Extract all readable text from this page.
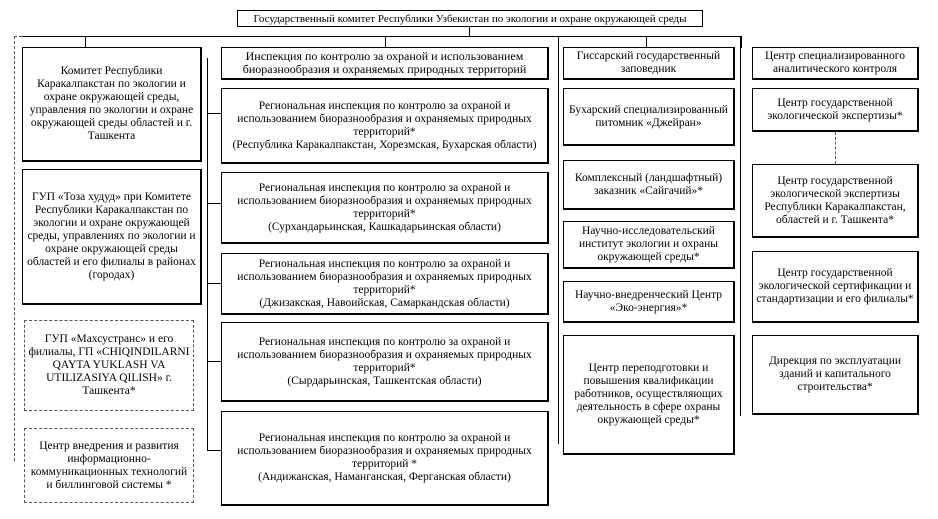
Государственный комитет Республики Узбекистан по экологии и охране окружающей среды
Комитет Республики Каракалпакстан по экологии и охране окружающей среды, управления по экологии и охране окружающей среды областей и г. Ташкента
ГУП «Тоза худуд» при Комитете Республики Каракалпакстан по экологии и охране окружающей среды, управлениях по экологии и охране окружающей среды областей и его филиалы в районах (городах)
ГУП «Махсустранс» и его филиалы, ГП «CHIQINDILARNI QAYTA YUKLASH VA UTILIZASIYA QILISH» г. Ташкента*
Центр внедрения и развития информационно-коммуникационных технологий и биллинговой системы *
Инспекция по контролю за охраной и использованием биоразнообразия и охраняемых природных территорий
Региональная инспекция по контролю за охраной и использованием биоразнообразия и охраняемых природных территорий*
(Республика Каракалпакстан, Хорезмская, Бухарская области)
Региональная инспекция по контролю за охраной и использованием биоразнообразия и охраняемых природных территорий*
(Сурхандарьинская, Кашкадарьинская области)
Региональная инспекция по контролю за охраной и использованием биоразнообразия и охраняемых природных территорий*
(Джизакская, Навоийская, Самаркандская области)
Региональная инспекция по контролю за охраной и использованием биоразнообразия и охраняемых природных территорий*
(Сырдарьинская, Ташкентская области)
Региональная инспекция по контролю за охраной и использованием биоразнообразия и охраняемых природных территорий *
(Андижанская, Наманганская, Ферганская области)
Гиссарский государственный заповедник
Бухарский специализированный питомник «Джейран»
Комплексный (ландшафтный) заказник «Сайгачий»*
Научно-исследовательский институт экологии и охраны окружающей среды*
Научно-внедренческий Центр «Эко-энергия»*
Центр переподготовки и повышения квалификации работников, осуществляющих деятельность в сфере охраны окружающей среды*
Центр специализированного аналитического контроля
Центр государственной экологической экспертизы*
Центр государственной экологической экспертизы Республики Каракалпакстан, областей и г. Ташкента*
Центр государственной экологической сертификации и стандартизации и его филиалы*
Дирекция по эксплуатации зданий и капитального строительства*
